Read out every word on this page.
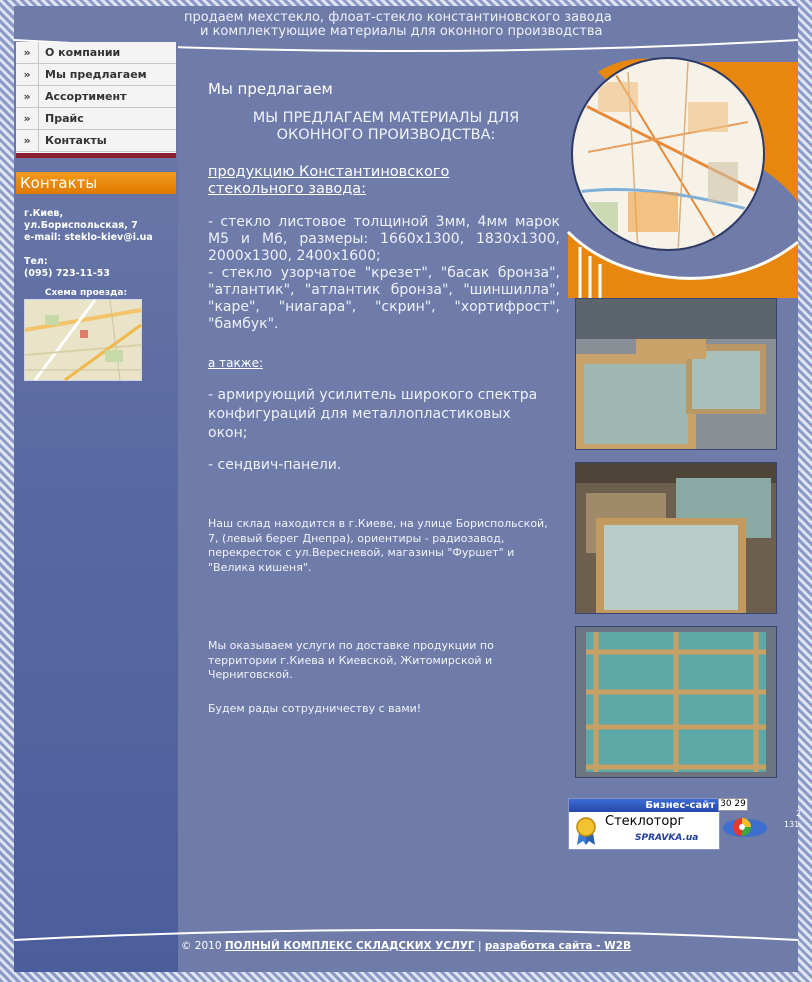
продаем мехстекло, флоат-стекло константиновского завода
и комплектующие материалы для оконного производства
»	О компании
»	Мы предлагаем
»	Ассортимент
»	Прайс
»	Контакты
Контакты
г.Киев,
ул.Бориспольская, 7
e-mail: steklo-kiev@i.ua
Тел:
(095) 723-11-53
Схема проезда:
Мы предлагаем
МЫ ПРЕДЛАГАЕМ МАТЕРИАЛЫ ДЛЯ ОКОННОГО ПРОИЗВОДСТВА:
продукцию Константиновского стекольного завода:
- стекло листовое толщиной 3мм, 4мм марок М5 и М6, размеры: 1660x1300, 1830x1300, 2000x1300, 2400x1600;
- стекло узорчатое "крезет", "басак бронза", "атлантик", "атлантик бронза", "шиншилла", "каре", "ниагара", "скрин", "хортифрост", "бамбук".
а также:
- армирующий усилитель широкого спектра конфигураций для металлопластиковых окон;
- сендвич-панели.
Наш склад находится в г.Киеве, на улице Бориспольской, 7, (левый берег Днепра), ориентиры - радиозавод, перекресток с ул.Вересневой, магазины "Фуршет" и "Велика кишеня".
Мы оказываем услуги по доставке продукции по территории г.Киева и Киевской, Житомирской и Черниговской.
Будем рады сотрудничеству с вами!
Бизнес-сайт
Стеклоторг
SPRAVKA.ua
30 29
2
131
© 2010 ПОЛНЫЙ КОМПЛЕКС СКЛАДСКИХ УСЛУГ | разработка сайта - W2B
